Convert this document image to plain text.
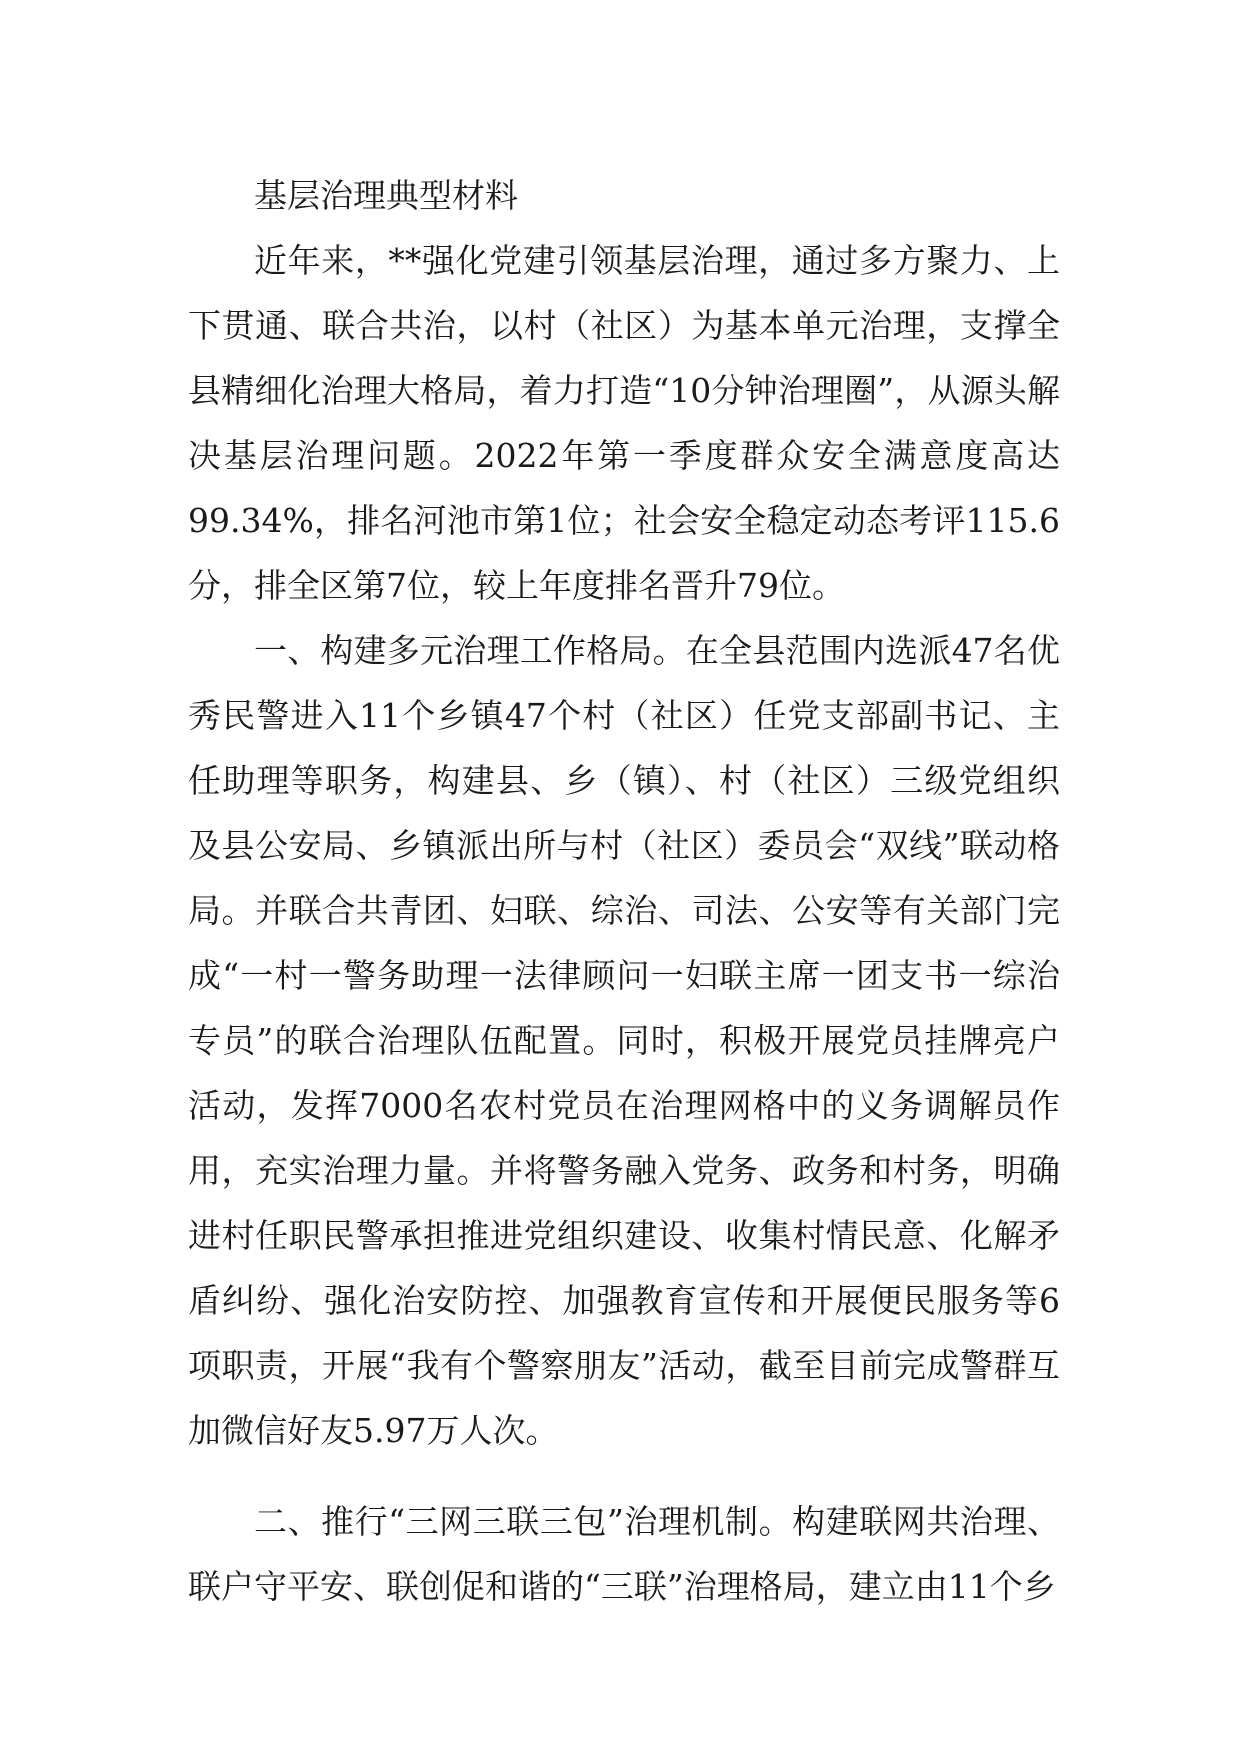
基层治理典型材料

近年来，**强化党建引领基层治理，通过多方聚力、上下贯通、联合共治，以村（社区）为基本单元治理，支撑全县精细化治理大格局，着力打造“10分钟治理圈”，从源头解决基层治理问题。2022年第一季度群众安全满意度高达99.34%，排名河池市第1位；社会安全稳定动态考评115.6分，排全区第7位，较上年度排名晋升79位。

一、构建多元治理工作格局。在全县范围内选派47名优秀民警进入11个乡镇47个村（社区）任党支部副书记、主任助理等职务，构建县、乡（镇）、村（社区）三级党组织及县公安局、乡镇派出所与村（社区）委员会“双线”联动格局。并联合共青团、妇联、综治、司法、公安等有关部门完成“一村一警务助理一法律顾问一妇联主席一团支书一综治专员”的联合治理队伍配置。同时，积极开展党员挂牌亮户活动，发挥7000名农村党员在治理网格中的义务调解员作用，充实治理力量。并将警务融入党务、政务和村务，明确进村任职民警承担推进党组织建设、收集村情民意、化解矛盾纠纷、强化治安防控、加强教育宣传和开展便民服务等6项职责，开展“我有个警察朋友”活动，截至目前完成警群互加微信好友5.97万人次。

二、推行“三网三联三包”治理机制。构建联网共治理、联户守平安、联创促和谐的“三联”治理格局，建立由11个乡
